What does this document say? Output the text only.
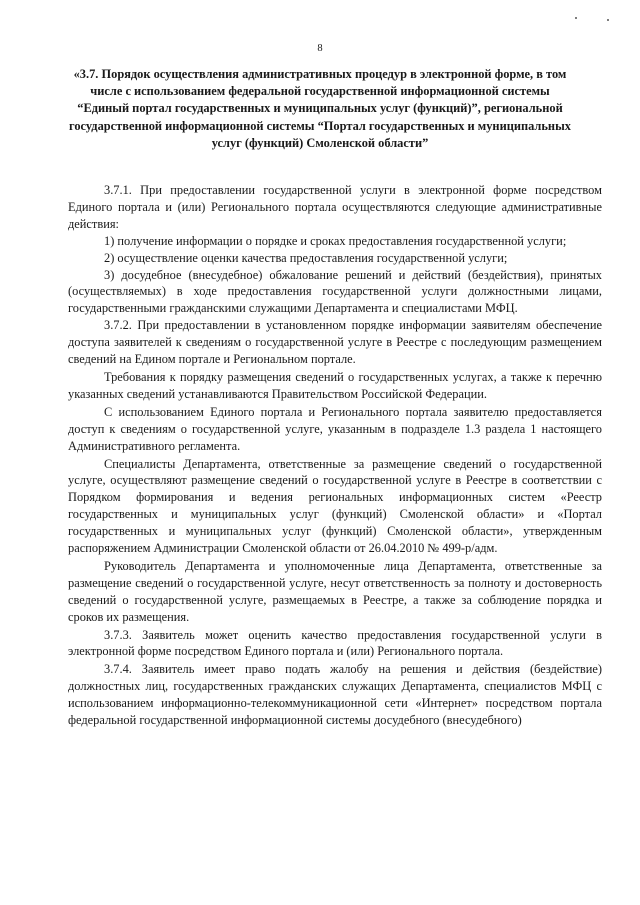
8
«3.7. Порядок осуществления административных процедур в электронной форме, в том числе с использованием федеральной государственной информационной системы “Единый портал государственных и муниципальных услуг (функций)”, региональной государственной информационной системы “Портал государственных и муниципальных услуг (функций) Смоленской области”

3.7.1. При предоставлении государственной услуги в электронной форме посредством Единого портала и (или) Регионального портала осуществляются следующие административные действия:

1) получение информации о порядке и сроках предоставления государственной услуги;

2) осуществление оценки качества предоставления государственной услуги;

3) досудебное (внесудебное) обжалование решений и действий (бездействия), принятых (осуществляемых) в ходе предоставления государственной услуги должностными лицами, государственными гражданскими служащими Департамента и специалистами МФЦ.

3.7.2. При предоставлении в установленном порядке информации заявителям обеспечение доступа заявителей к сведениям о государственной услуге в Реестре с последующим размещением сведений на Едином портале и Региональном портале.

Требования к порядку размещения сведений о государственных услугах, а также к перечню указанных сведений устанавливаются Правительством Российской Федерации.

С использованием Единого портала и Регионального портала заявителю предоставляется доступ к сведениям о государственной услуге, указанным в подразделе 1.3 раздела 1 настоящего Административного регламента.

Специалисты Департамента, ответственные за размещение сведений о государственной услуге, осуществляют размещение сведений о государственной услуге в Реестре в соответствии с Порядком формирования и ведения региональных информационных систем «Реестр государственных и муниципальных услуг (функций) Смоленской области» и «Портал государственных и муниципальных услуг (функций) Смоленской области», утвержденным распоряжением Администрации Смоленской области от 26.04.2010 № 499-р/адм.

Руководитель Департамента и уполномоченные лица Департамента, ответственные за размещение сведений о государственной услуге, несут ответственность за полноту и достоверность сведений о государственной услуге, размещаемых в Реестре, а также за соблюдение порядка и сроков их размещения.

3.7.3. Заявитель может оценить качество предоставления государственной услуги в электронной форме посредством Единого портала и (или) Регионального портала.

3.7.4. Заявитель имеет право подать жалобу на решения и действия (бездействие) должностных лиц, государственных гражданских служащих Департамента, специалистов МФЦ с использованием информационно-телекоммуникационной сети «Интернет» посредством портала федеральной государственной информационной системы досудебного (внесудебного)
